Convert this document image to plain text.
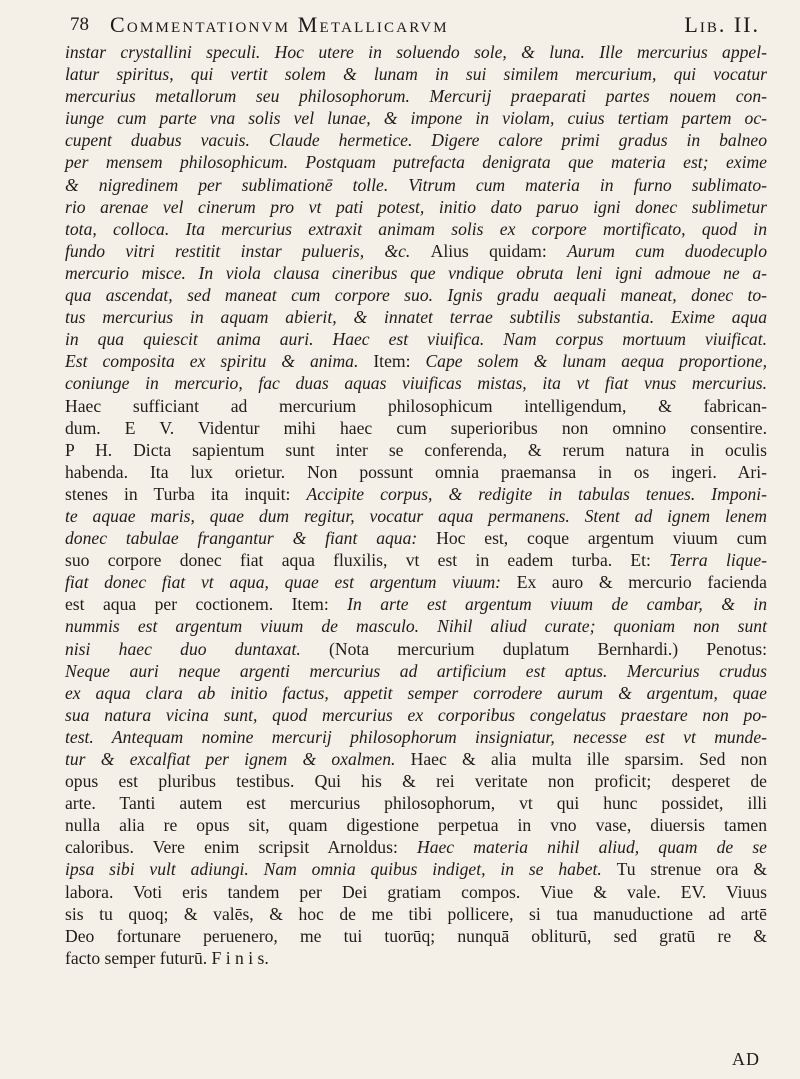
78 Commentationvm Metallicarvm	Lib. II.
instar crystallini speculi. Hoc utere in soluendo sole, & luna. Ille mercurius appel-
latur spiritus, qui vertit solem & lunam in sui similem mercurium, qui vocatur
mercurius metallorum seu philosophorum. Mercurij praeparati partes nouem con-
iunge cum parte vna solis vel lunae, & impone in violam, cuius tertiam partem oc-
cupent duabus vacuis. Claude hermetice. Digere calore primi gradus in balneo
per mensem philosophicum. Postquam putrefacta denigrata que materia est; exime
& nigredinem per sublimationē tolle. Vitrum cum materia in furno sublimato-
rio arenae vel cinerum pro vt pati potest, initio dato paruo igni donec sublimetur
tota, colloca. Ita mercurius extraxit animam solis ex corpore mortificato, quod in
fundo vitri restitit instar pulueris, &c. Alius quidam: Aurum cum duodecuplo
mercurio misce. In viola clausa cineribus que vndique obruta leni igni admoue ne a-
qua ascendat, sed maneat cum corpore suo. Ignis gradu aequali maneat, donec to-
tus mercurius in aquam abierit, & innatet terrae subtilis substantia. Exime aqua
in qua quiescit anima auri. Haec est viuifica. Nam corpus mortuum viuificat.
Est composita ex spiritu & anima. Item: Cape solem & lunam aequa proportione,
coniunge in mercurio, fac duas aquas viuificas mistas, ita vt fiat vnus mercurius.
Haec sufficiant ad mercurium philosophicum intelligendum, & fabrican-
dum. E V. Videntur mihi haec cum superioribus non omnino consentire.
P H. Dicta sapientum sunt inter se conferenda, & rerum natura in oculis
habenda. Ita lux orietur. Non possunt omnia praemansa in os ingeri. Ari-
stenes in Turba ita inquit: Accipite corpus, & redigite in tabulas tenues. Imponi-
te aquae maris, quae dum regitur, vocatur aqua permanens. Stent ad ignem lenem
donec tabulae frangantur & fiant aqua: Hoc est, coque argentum viuum cum
suo corpore donec fiat aqua fluxilis, vt est in eadem turba. Et: Terra lique-
fiat donec fiat vt aqua, quae est argentum viuum: Ex auro & mercurio facienda
est aqua per coctionem. Item: In arte est argentum viuum de cambar, & in
nummis est argentum viuum de masculo. Nihil aliud curate; quoniam non sunt
nisi haec duo duntaxat. (Nota mercurium duplatum Bernhardi.) Penotus:
Neque auri neque argenti mercurius ad artificium est aptus. Mercurius crudus
ex aqua clara ab initio factus, appetit semper corrodere aurum & argentum, quae
sua natura vicina sunt, quod mercurius ex corporibus congelatus praestare non po-
test. Antequam nomine mercurij philosophorum insigniatur, necesse est vt munde-
tur & excalfiat per ignem & oxalmen. Haec & alia multa ille sparsim. Sed non
opus est pluribus testibus. Qui his & rei veritate non proficit; desperet de
arte. Tanti autem est mercurius philosophorum, vt qui hunc possidet, illi
nulla alia re opus sit, quam digestione perpetua in vno vase, diuersis tamen
caloribus. Vere enim scripsit Arnoldus: Haec materia nihil aliud, quam de se
ipsa sibi vult adiungi. Nam omnia quibus indiget, in se habet. Tu strenue ora &
labora. Voti eris tandem per Dei gratiam compos. Viue & vale. EV. Viuus
sis tu quoq; & valēs, & hoc de me tibi pollicere, si tua manuductione ad artē
Deo fortunare peruenero, me tui tuorūq; nunquā obliturū, sed gratū re &
facto semper futurū. F i n i s.
AD
